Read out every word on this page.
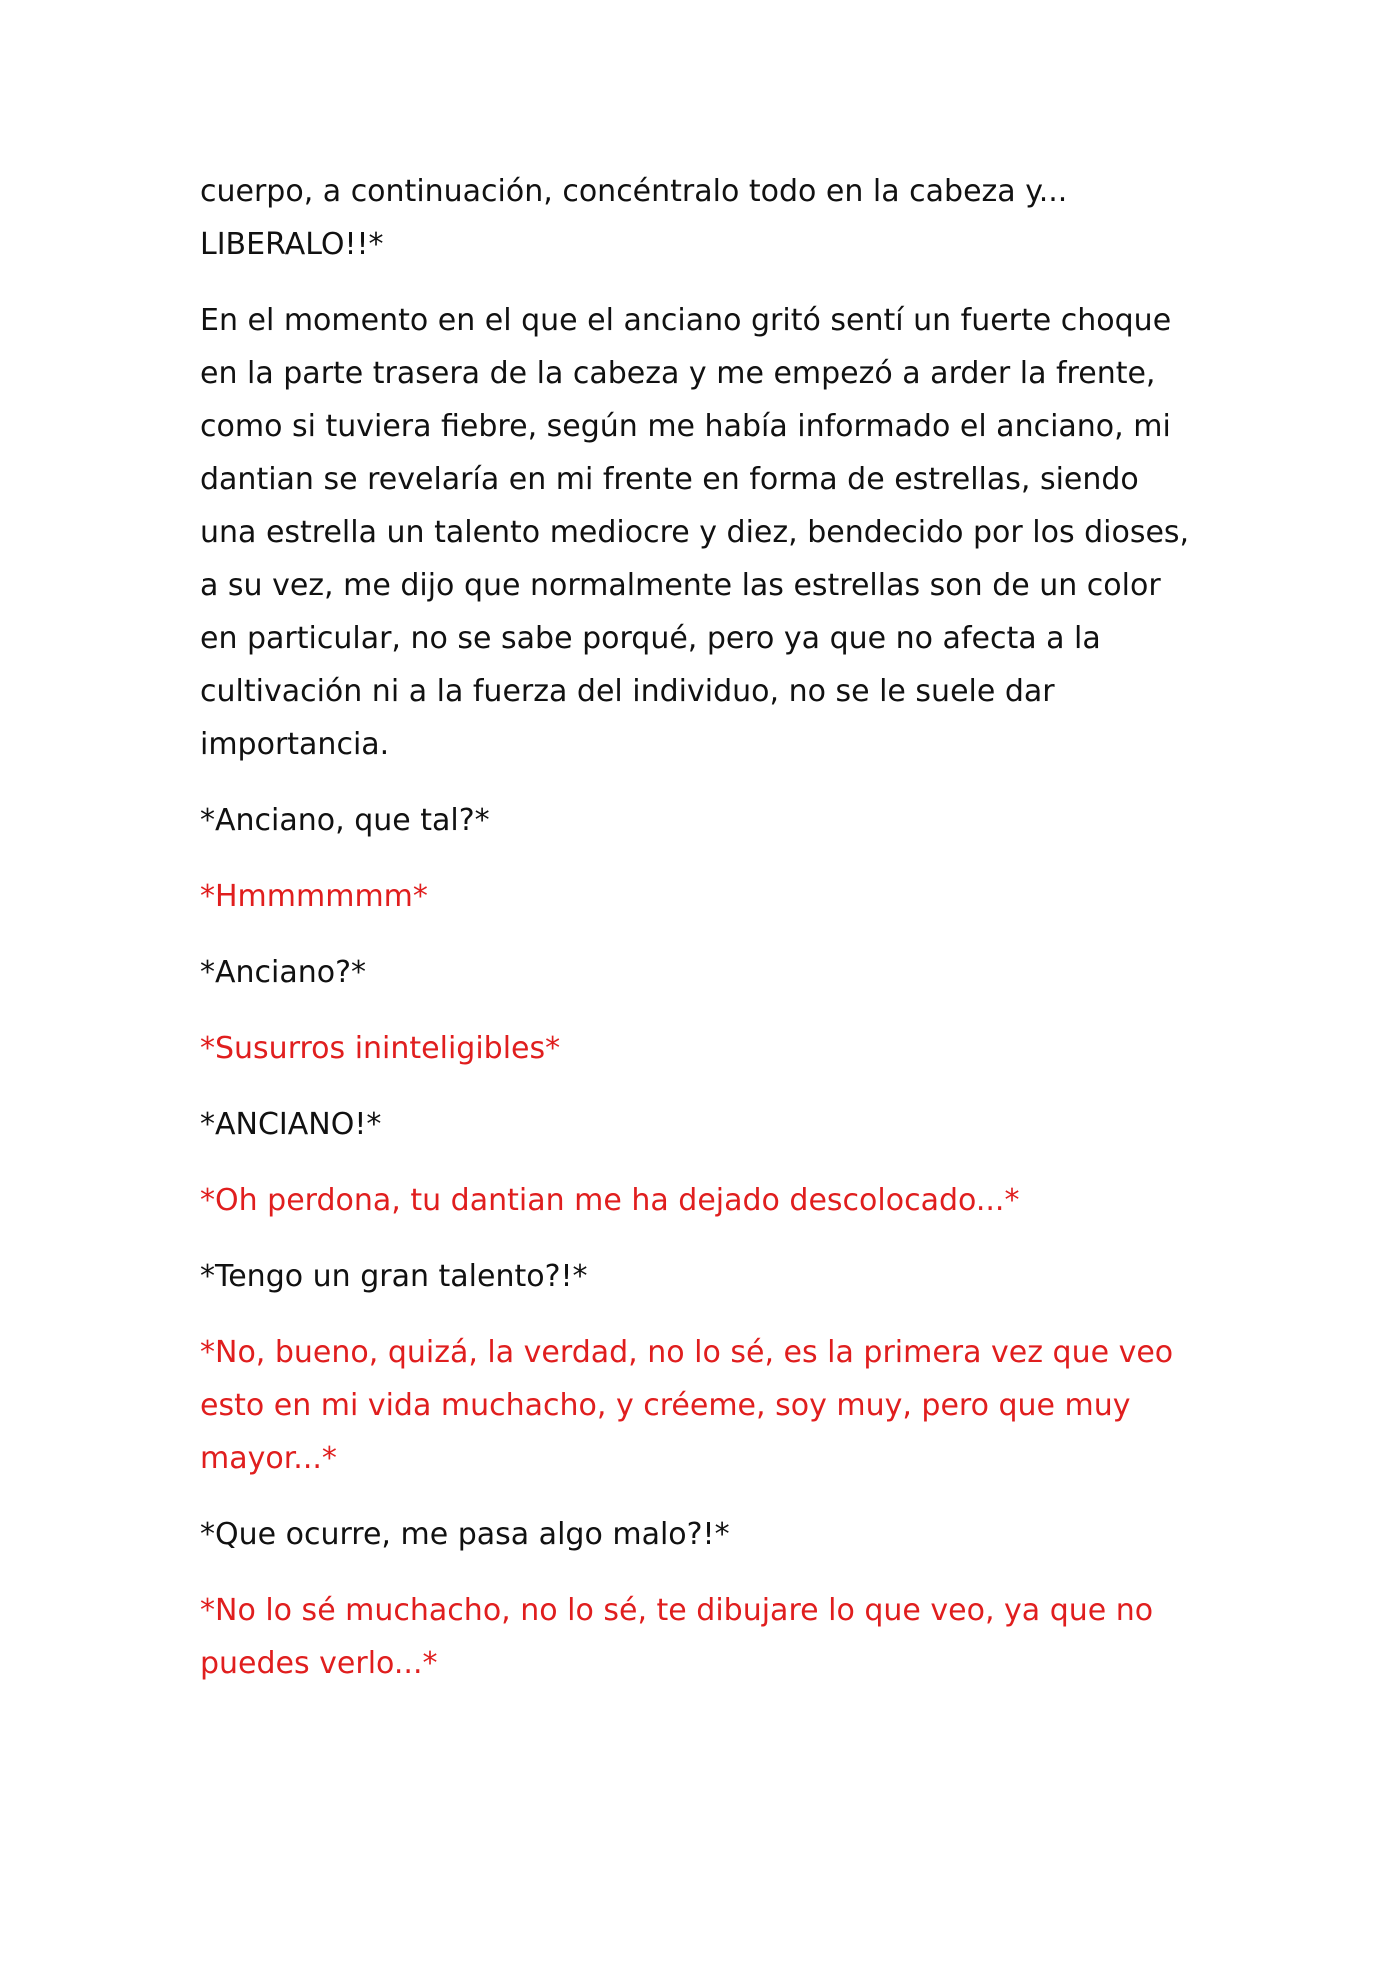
cuerpo, a continuación, concéntralo todo en la cabeza y...
LIBERALO!!*

En el momento en el que el anciano gritó sentí un fuerte choque
en la parte trasera de la cabeza y me empezó a arder la frente,
como si tuviera fiebre, según me había informado el anciano, mi
dantian se revelaría en mi frente en forma de estrellas, siendo
una estrella un talento mediocre y diez, bendecido por los dioses,
a su vez, me dijo que normalmente las estrellas son de un color
en particular, no se sabe porqué, pero ya que no afecta a la
cultivación ni a la fuerza del individuo, no se le suele dar
importancia.

*Anciano, que tal?*

*Hmmmmmm*

*Anciano?*

*Susurros ininteligibles*

*ANCIANO!*

*Oh perdona, tu dantian me ha dejado descolocado...*

*Tengo un gran talento?!*

*No, bueno, quizá, la verdad, no lo sé, es la primera vez que veo
esto en mi vida muchacho, y créeme, soy muy, pero que muy
mayor...*

*Que ocurre, me pasa algo malo?!*

*No lo sé muchacho, no lo sé, te dibujare lo que veo, ya que no
puedes verlo...*
